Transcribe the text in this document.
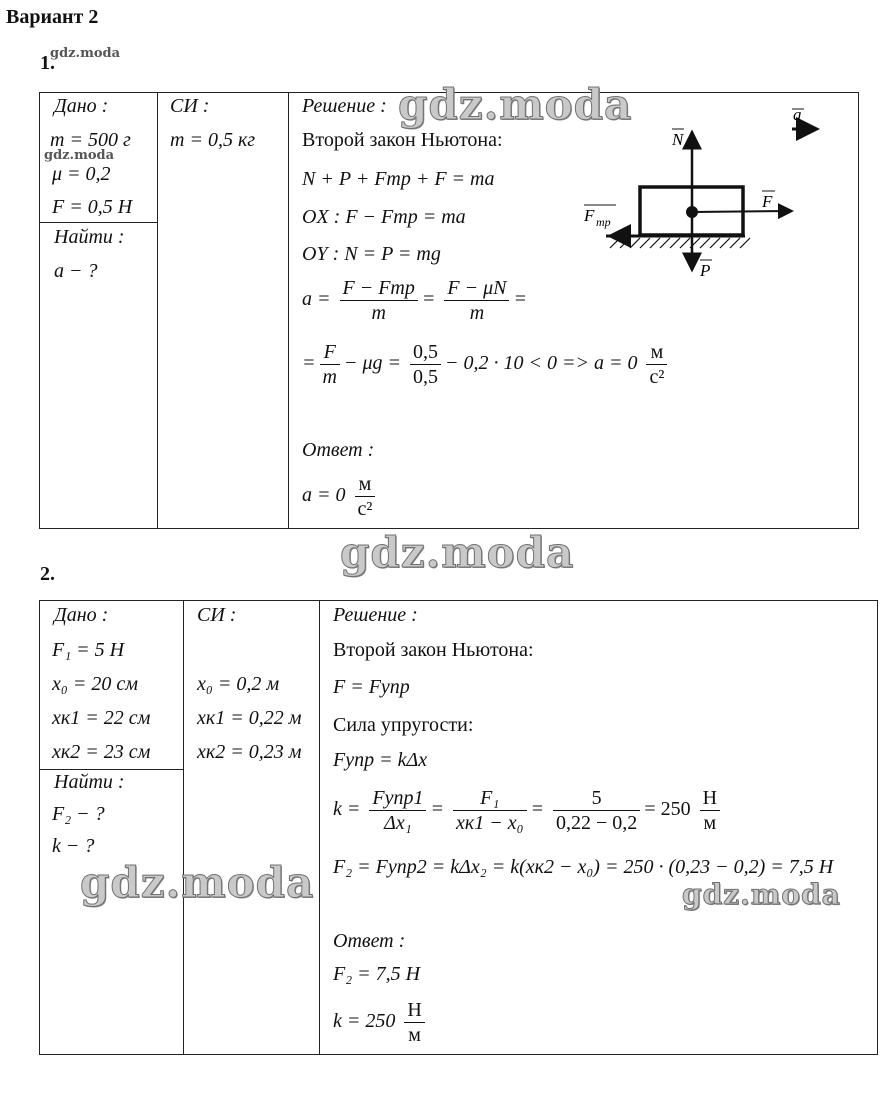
Вариант 2
1.
gdz.moda
Дано :
m = 500 г
gdz.moda
μ = 0,2
F = 0,5 Н
Найти :
a − ?
СИ :
m = 0,5 кг
Решение : gdz.moda
Второй закон Ньютона:
N + P + Fтр + F = ma
OX : F − Fтр = ma
OY : N = P = mg
$a = \frac{\text{F − Fтр}}{m} = \frac{F - \mu N}{m}$ =
= $\frac{F}{m} - \mu g = \frac{0,5}{0,5} - 0,2 \cdot 10 < 0 => a = 0 \frac{м}{\text{с²}}$
Ответ :
$a = 0 \frac{м}{\text{с²}}$
N
P
F
F тр
a
gdz.moda
2.
Дано :
F₁ = 5 Н
x₀ = 20 см
xк1 = 22 см
xк2 = 23 см
Найти :
F₂ − ?
k − ?
СИ :
x₀ = 0,2 м
xк1 = 0,22 м
xк2 = 0,23 м
gdz.moda
Решение :
Второй закон Ньютона:
F = Fупр
Сила упругости:
Fупр = kΔx
$k = \frac{\text{Fупр1}}{\text{Δx₁}} = \frac{\text{F₁}}{\text{xк1 − x₀}} = \frac{5}{0,22 - 0,2} = 250 \frac{Н}{м}$
F₂ = Fупр2 = kΔx₂ = k(xк2 − x₀) = 250 · (0,23 − 0,2) = 7,5 Н
gdz.moda
Ответ :
F₂ = 7,5 Н
$k = 250 \frac{Н}{м}$
